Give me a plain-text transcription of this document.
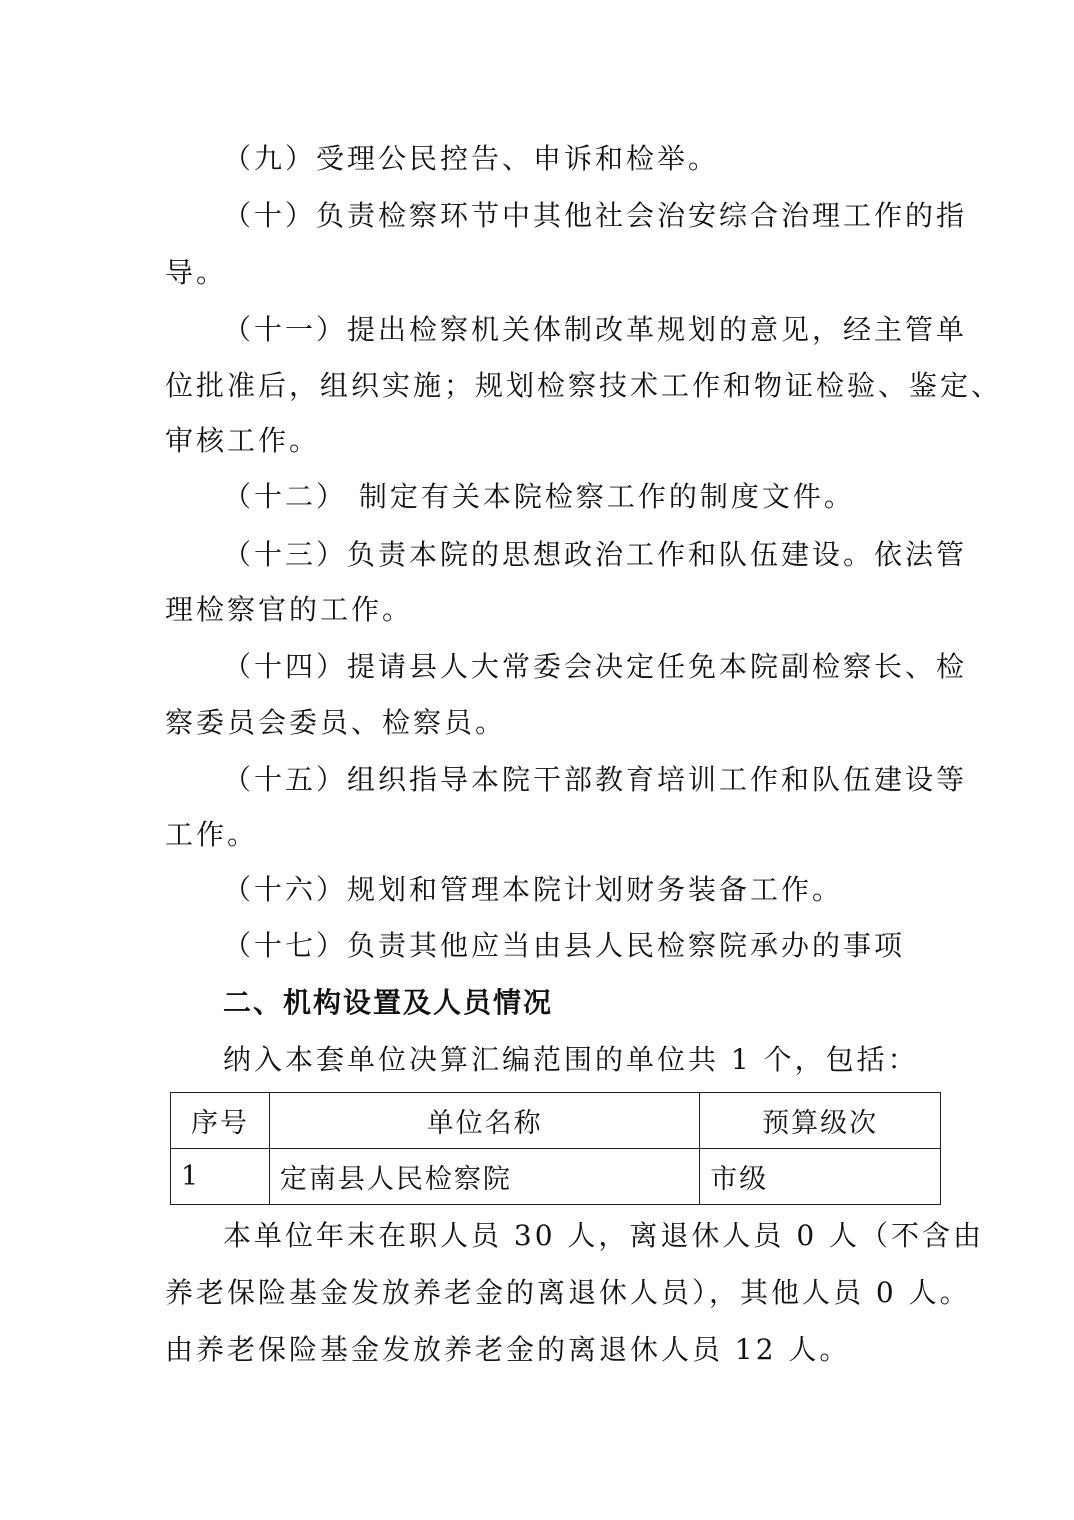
（九）受理公民控告、申诉和检举。
（十）负责检察环节中其他社会治安综合治理工作的指
导。
（十一）提出检察机关体制改革规划的意见，经主管单
位批准后，组织实施；规划检察技术工作和物证检验、鉴定、
审核工作。
（十二） 制定有关本院检察工作的制度文件。
（十三）负责本院的思想政治工作和队伍建设。依法管
理检察官的工作。
（十四）提请县人大常委会决定任免本院副检察长、检
察委员会委员、检察员。
（十五）组织指导本院干部教育培训工作和队伍建设等
工作。
（十六）规划和管理本院计划财务装备工作。
（十七）负责其他应当由县人民检察院承办的事项
二、机构设置及人员情况
纳入本套单位决算汇编范围的单位共 1 个，包括：
序号	单位名称	预算级次
1	定南县人民检察院	市级
本单位年末在职人员 30 人，离退休人员 0 人（不含由
养老保险基金发放养老金的离退休人员），其他人员 0 人。
由养老保险基金发放养老金的离退休人员 12 人。
